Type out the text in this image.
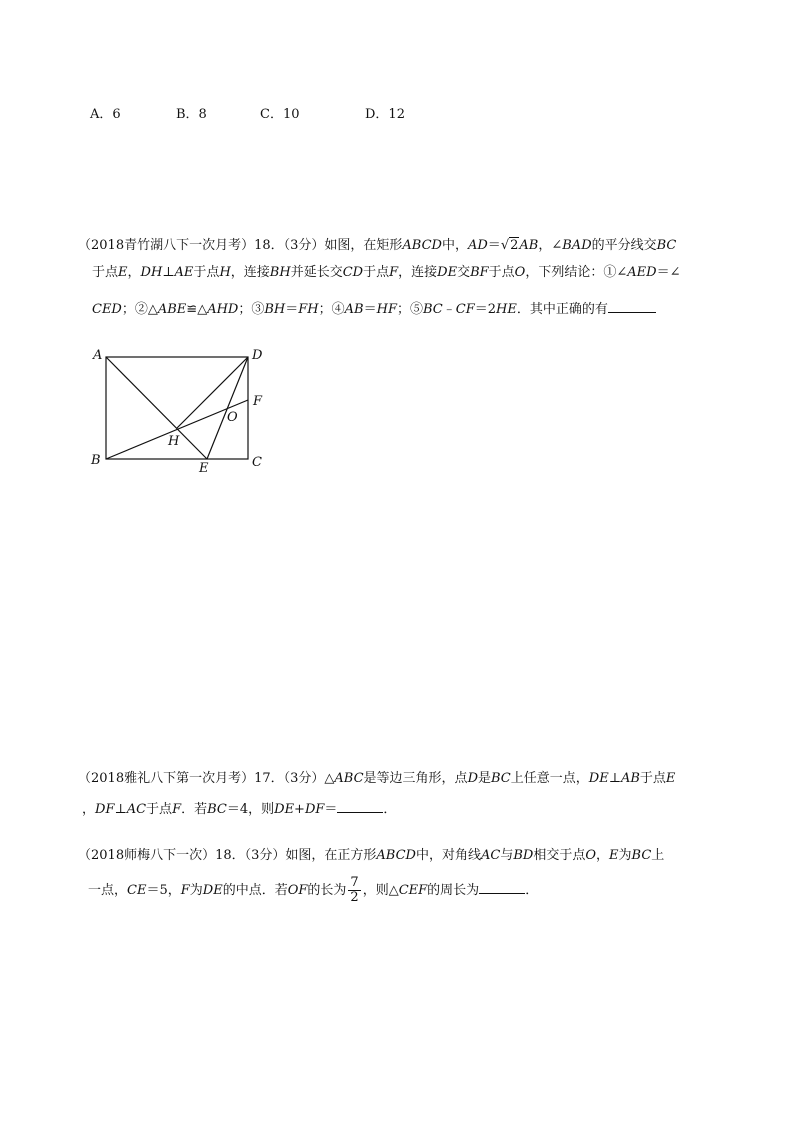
A．6	B．8	C．10	D．12
（2018青竹湖八下一次月考）18．（3分）如图，在矩形ABCD中，AD＝√2AB，∠BAD的平分线交BC
于点E，DH⊥AE于点H，连接BH并延长交CD于点F，连接DE交BF于点O，下列结论：①∠AED＝∠
CED；②△ABE≌△AHD；③BH＝FH；④AB＝HF；⑤BC﹣CF＝2HE．其中正确的有
A	D
B	C
E
F
H
O
（2018雅礼八下第一次月考）17．（3分）△ABC是等边三角形，点D是BC上任意一点，DE⊥AB于点E
，DF⊥AC于点F．若BC＝4，则DE+DF＝	．
（2018师梅八下一次）18．（3分）如图，在正方形ABCD中，对角线AC与BD相交于点O，E为BC上
一点，CE＝5，F为DE的中点．若OF的长为 $\frac{7}{2}$ ，则△CEF的周长为	．
